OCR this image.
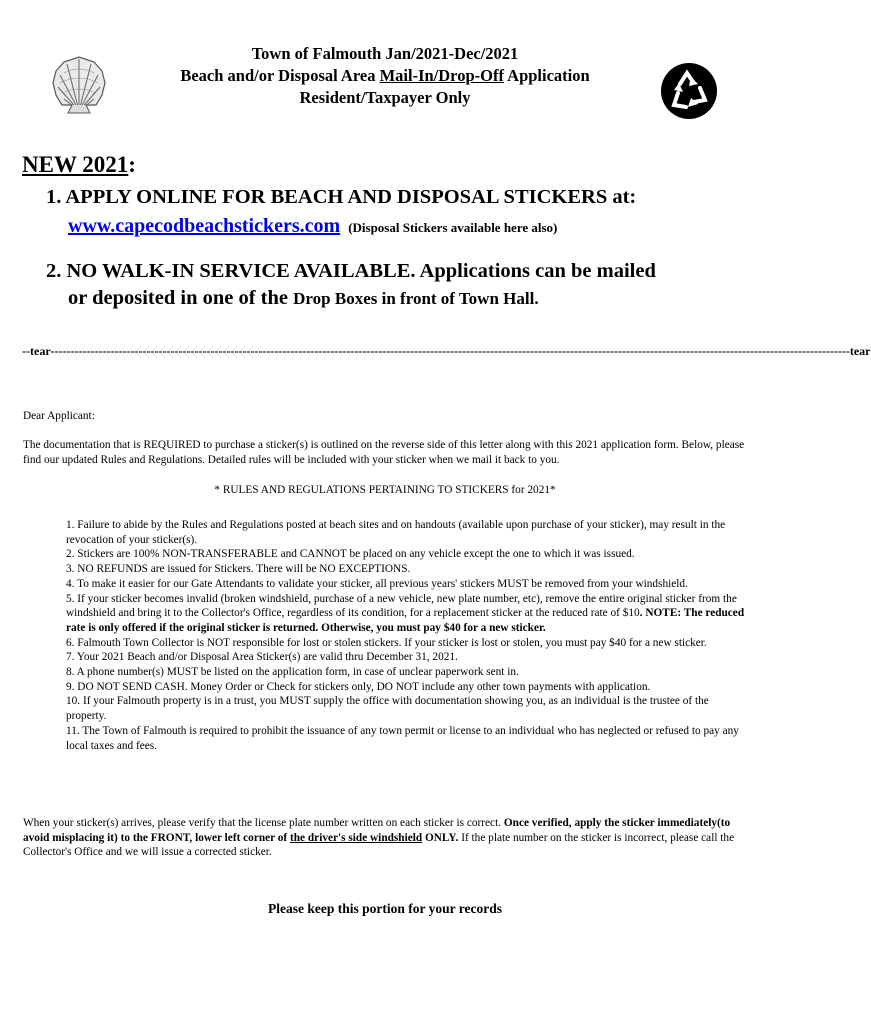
Town of Falmouth Jan/2021-Dec/2021
Beach and/or Disposal Area Mail-In/Drop-Off Application
Resident/Taxpayer Only
NEW 2021:
1. APPLY ONLINE FOR BEACH AND DISPOSAL STICKERS at:
www.capecodbeachstickers.com (Disposal Stickers available here also)
2. NO WALK-IN SERVICE AVAILABLE. Applications can be mailed
or deposited in one of the Drop Boxes in front of Town Hall.
--tear -------------------------------------------------------------------------------------------------------------------------------------------------------------------------------------------------------- tear
Dear Applicant:
The documentation that is REQUIRED to purchase a sticker(s) is outlined on the reverse side of this letter along with this 2021 application form. Below, please find our updated Rules and Regulations. Detailed rules will be included with your sticker when we mail it back to you.
* RULES AND REGULATIONS PERTAINING TO STICKERS for 2021*

1. Failure to abide by the Rules and Regulations posted at beach sites and on handouts (available upon purchase of your sticker), may result in the revocation of your sticker(s).

2. Stickers are 100% NON-TRANSFERABLE and CANNOT be placed on any vehicle except the one to which it was issued.

3. NO REFUNDS are issued for Stickers. There will be NO EXCEPTIONS.

4. To make it easier for our Gate Attendants to validate your sticker, all previous years' stickers MUST be removed from your windshield.

5. If your sticker becomes invalid (broken windshield, purchase of a new vehicle, new plate number, etc), remove the entire original sticker from the windshield and bring it to the Collector's Office, regardless of its condition, for a replacement sticker at the reduced rate of $10. NOTE: The reduced rate is only offered if the original sticker is returned. Otherwise, you must pay $40 for a new sticker.

6. Falmouth Town Collector is NOT responsible for lost or stolen stickers. If your sticker is lost or stolen, you must pay $40 for a new sticker.

7. Your 2021 Beach and/or Disposal Area Sticker(s) are valid thru December 31, 2021.

8. A phone number(s) MUST be listed on the application form, in case of unclear paperwork sent in.

9. DO NOT SEND CASH. Money Order or Check for stickers only, DO NOT include any other town payments with application.

10. If your Falmouth property is in a trust, you MUST supply the office with documentation showing you, as an individual is the trustee of the property.

11. The Town of Falmouth is required to prohibit the issuance of any town permit or license to an individual who has neglected or refused to pay any local taxes and fees.

When your sticker(s) arrives, please verify that the license plate number written on each sticker is correct. Once verified, apply the sticker immediately(to avoid misplacing it) to the FRONT, lower left corner of the driver's side windshield ONLY. If the plate number on the sticker is incorrect, please call the Collector's Office and we will issue a corrected sticker.
Please keep this portion for your records
